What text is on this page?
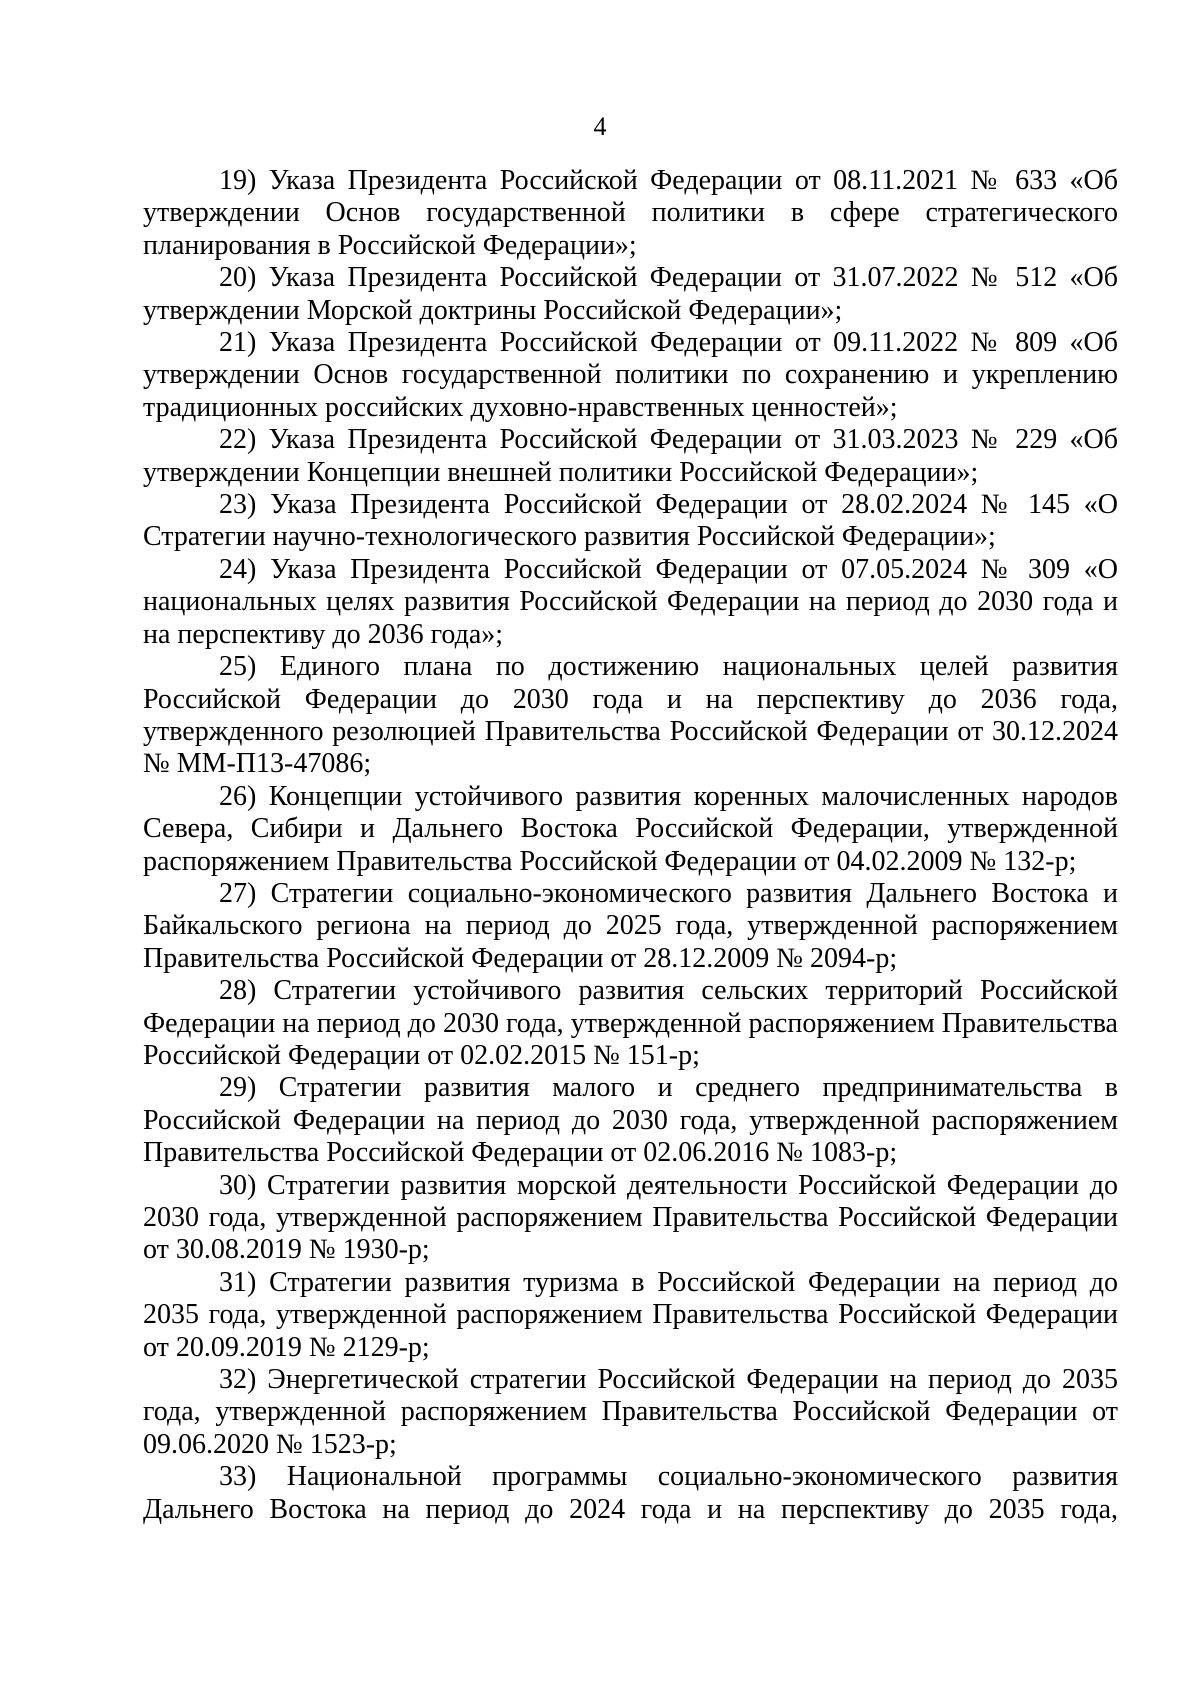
4

19) Указа Президента Российской Федерации от 08.11.2021 № 633 «Об утверждении Основ государственной политики в сфере стратегического планирования в Российской Федерации»;

20) Указа Президента Российской Федерации от 31.07.2022 № 512 «Об утверждении Морской доктрины Российской Федерации»;

21) Указа Президента Российской Федерации от 09.11.2022 № 809 «Об утверждении Основ государственной политики по сохранению и укреплению традиционных российских духовно-нравственных ценностей»;

22) Указа Президента Российской Федерации от 31.03.2023 № 229 «Об утверждении Концепции внешней политики Российской Федерации»;

23) Указа Президента Российской Федерации от 28.02.2024 № 145 «О Стратегии научно-технологического развития Российской Федерации»;

24) Указа Президента Российской Федерации от 07.05.2024 № 309 «О национальных целях развития Российской Федерации на период до 2030 года и на перспективу до 2036 года»;

25) Единого плана по достижению национальных целей развития Российской Федерации до 2030 года и на перспективу до 2036 года, утвержденного резолюцией Правительства Российской Федерации от 30.12.2024 № ММ-П13-47086;

26) Концепции устойчивого развития коренных малочисленных народов Севера, Сибири и Дальнего Востока Российской Федерации, утвержденной распоряжением Правительства Российской Федерации от 04.02.2009 № 132-р;

27) Стратегии социально-экономического развития Дальнего Востока и Байкальского региона на период до 2025 года, утвержденной распоряжением Правительства Российской Федерации от 28.12.2009 № 2094-р;

28) Стратегии устойчивого развития сельских территорий Российской Федерации на период до 2030 года, утвержденной распоряжением Правительства Российской Федерации от 02.02.2015 № 151-р;

29) Стратегии развития малого и среднего предпринимательства в Российской Федерации на период до 2030 года, утвержденной распоряжением Правительства Российской Федерации от 02.06.2016 № 1083-р;

30) Стратегии развития морской деятельности Российской Федерации до 2030 года, утвержденной распоряжением Правительства Российской Федерации от 30.08.2019 № 1930-р;

31) Стратегии развития туризма в Российской Федерации на период до 2035 года, утвержденной распоряжением Правительства Российской Федерации от 20.09.2019 № 2129-р;

32) Энергетической стратегии Российской Федерации на период до 2035 года, утвержденной распоряжением Правительства Российской Федерации от 09.06.2020 № 1523-р;

33) Национальной программы социально-экономического развития Дальнего Востока на период до 2024 года и на перспективу до 2035 года,
